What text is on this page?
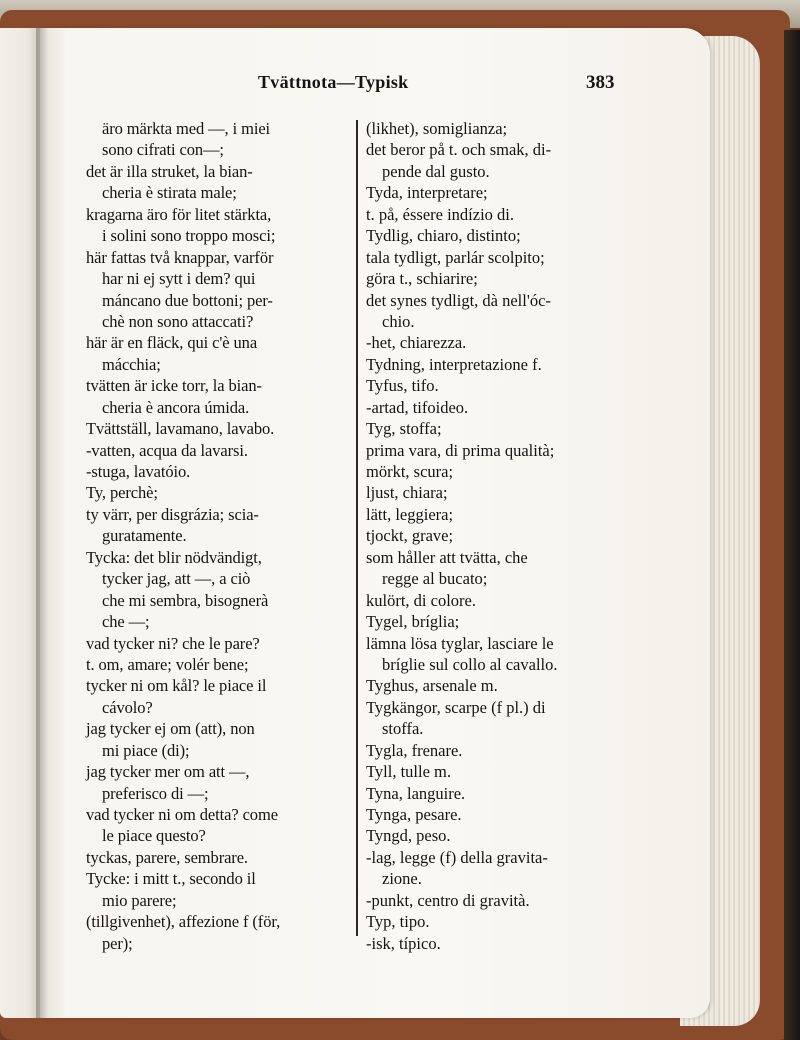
Tvättnota—Typisk	383
äro märkta med —, i miei
sono cifrati con—;
det är illa struket, la bian-
cheria è stirata male;
kragarna äro för litet stärkta,
i solini sono troppo mosci;
här fattas två knappar, varför
har ni ej sytt i dem? qui
máncano due bottoni; per-
chè non sono attaccati?
här är en fläck, qui c'è una
mácchia;
tvätten är icke torr, la bian-
cheria è ancora úmida.
Tvättställ, lavamano, lavabo.
-vatten, acqua da lavarsi.
-stuga, lavatóio.
Ty, perchè;
ty värr, per disgrázia; scia-
guratamente.
Tycka: det blir nödvändigt,
tycker jag, att —, a ciò
che mi sembra, bisognerà
che —;
vad tycker ni? che le pare?
t. om, amare; volér bene;
tycker ni om kål? le piace il
cávolo?
jag tycker ej om (att), non
mi piace (di);
jag tycker mer om att —,
preferisco di —;
vad tycker ni om detta? come
le piace questo?
tyckas, parere, sembrare.
Tycke: i mitt t., secondo il
mio parere;
(tillgivenhet), affezione f (för,
per);
(likhet), somiglianza;
det beror på t. och smak, di-
pende dal gusto.
Tyda, interpretare;
t. på, éssere indízio di.
Tydlig, chiaro, distinto;
tala tydligt, parlár scolpito;
göra t., schiarire;
det synes tydligt, dà nell'óc-
chio.
-het, chiarezza.
Tydning, interpretazione f.
Tyfus, tifo.
-artad, tifoideo.
Tyg, stoffa;
prima vara, di prima qualità;
mörkt, scura;
ljust, chiara;
lätt, leggiera;
tjockt, grave;
som håller att tvätta, che
regge al bucato;
kulört, di colore.
Tygel, bríglia;
lämna lösa tyglar, lasciare le
bríglie sul collo al cavallo.
Tyghus, arsenale m.
Tygkängor, scarpe (f pl.) di
stoffa.
Tygla, frenare.
Tyll, tulle m.
Tyna, languire.
Tynga, pesare.
Tyngd, peso.
-lag, legge (f) della gravita-
zione.
-punkt, centro di gravità.
Typ, tipo.
-isk, típico.
